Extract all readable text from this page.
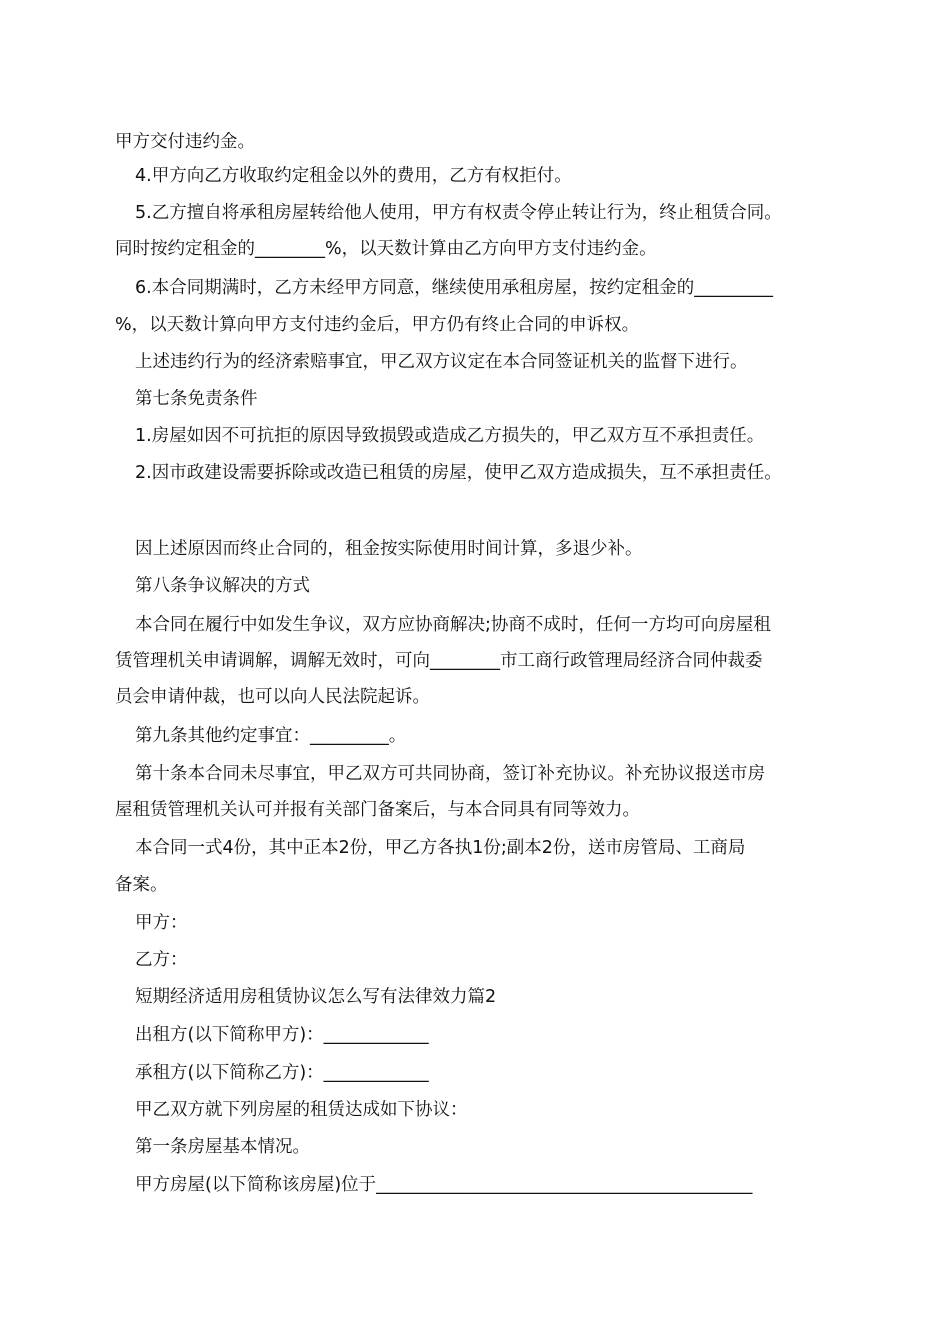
甲方交付违约金。
4.甲方向乙方收取约定租金以外的费用，乙方有权拒付。
5.乙方擅自将承租房屋转给他人使用，甲方有权责令停止转让行为，终止租赁合同。
同时按约定租金的________%，以天数计算由乙方向甲方支付违约金。
6.本合同期满时，乙方未经甲方同意，继续使用承租房屋，按约定租金的_________
%，以天数计算向甲方支付违约金后，甲方仍有终止合同的申诉权。
上述违约行为的经济索赔事宜，甲乙双方议定在本合同签证机关的监督下进行。
第七条免责条件
1.房屋如因不可抗拒的原因导致损毁或造成乙方损失的，甲乙双方互不承担责任。
2.因市政建设需要拆除或改造已租赁的房屋，使甲乙双方造成损失，互不承担责任。
因上述原因而终止合同的，租金按实际使用时间计算，多退少补。
第八条争议解决的方式
本合同在履行中如发生争议，双方应协商解决;协商不成时，任何一方均可向房屋租
赁管理机关申请调解，调解无效时，可向________市工商行政管理局经济合同仲裁委
员会申请仲裁，也可以向人民法院起诉。
第九条其他约定事宜：_________。
第十条本合同未尽事宜，甲乙双方可共同协商，签订补充协议。补充协议报送市房
屋租赁管理机关认可并报有关部门备案后，与本合同具有同等效力。
本合同一式4份，其中正本2份，甲乙方各执1份;副本2份，送市房管局、工商局
备案。
甲方：
乙方：
短期经济适用房租赁协议怎么写有法律效力篇2
出租方(以下简称甲方)：____________
承租方(以下简称乙方)：____________
甲乙双方就下列房屋的租赁达成如下协议：
第一条房屋基本情况。
甲方房屋(以下简称该房屋)位于___________________________________________
